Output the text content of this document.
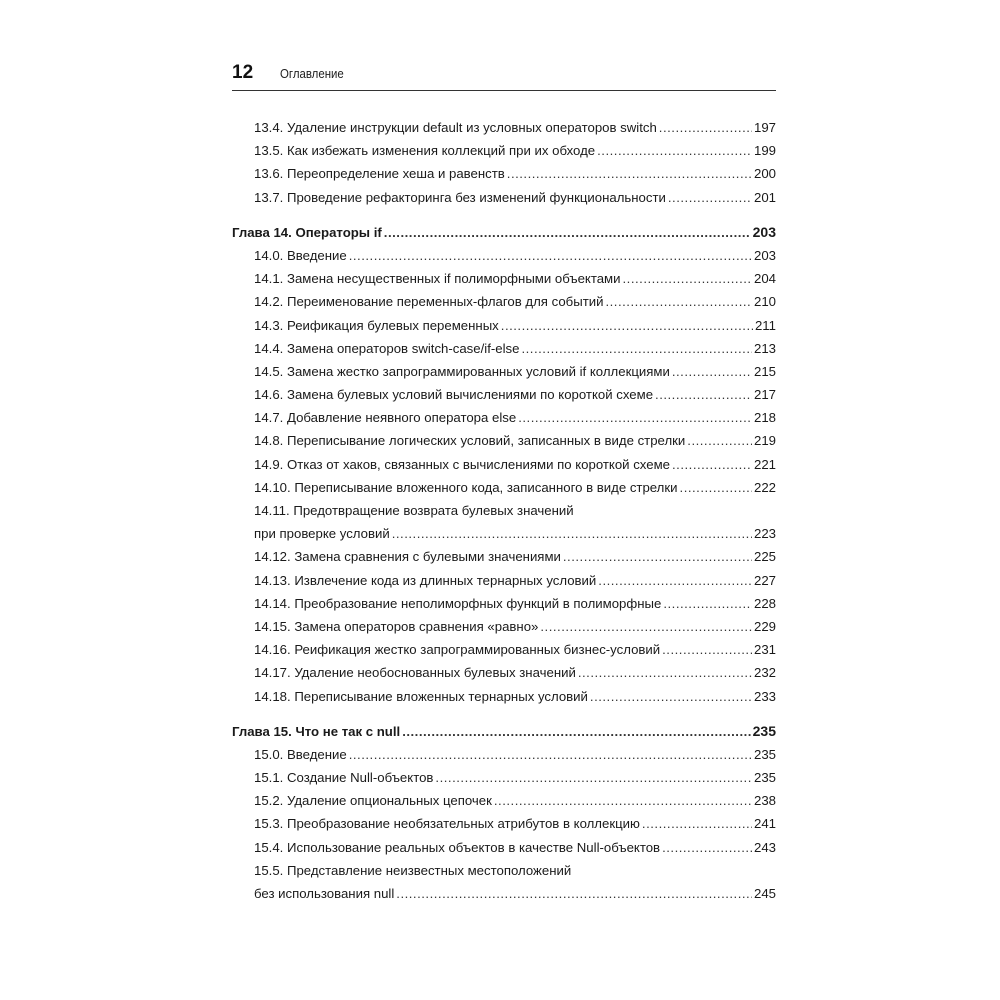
12 Оглавление
13.4. Удаление инструкции default из условных операторов switch .....	197
13.5. Как избежать изменения коллекций при их обходе .....	199
13.6. Переопределение хеша и равенств .....	200
13.7. Проведение рефакторинга без изменений функциональности .....	201
Глава 14. Операторы if .....	203
14.0. Введение .....	203
14.1. Замена несущественных if полиморфными объектами .....	204
14.2. Переименование переменных-флагов для событий .....	210
14.3. Реификация булевых переменных .....	211
14.4. Замена операторов switch-case/if-else .....	213
14.5. Замена жестко запрограммированных условий if коллекциями .....	215
14.6. Замена булевых условий вычислениями по короткой схеме .....	217
14.7. Добавление неявного оператора else .....	218
14.8. Переписывание логических условий, записанных в виде стрелки .....	219
14.9. Отказ от хаков, связанных с вычислениями по короткой схеме .....	221
14.10. Переписывание вложенного кода, записанного в виде стрелки .....	222
14.11. Предотвращение возврата булевых значений
при проверке условий .....	223
14.12. Замена сравнения с булевыми значениями .....	225
14.13. Извлечение кода из длинных тернарных условий .....	227
14.14. Преобразование неполиморфных функций в полиморфные .....	228
14.15. Замена операторов сравнения «равно» .....	229
14.16. Реификация жестко запрограммированных бизнес-условий .....	231
14.17. Удаление необоснованных булевых значений .....	232
14.18. Переписывание вложенных тернарных условий .....	233
Глава 15. Что не так с null .....	235
15.0. Введение .....	235
15.1. Создание Null-объектов .....	235
15.2. Удаление опциональных цепочек .....	238
15.3. Преобразование необязательных атрибутов в коллекцию .....	241
15.4. Использование реальных объектов в качестве Null-объектов .....	243
15.5. Представление неизвестных местоположений
без использования null .....	245
